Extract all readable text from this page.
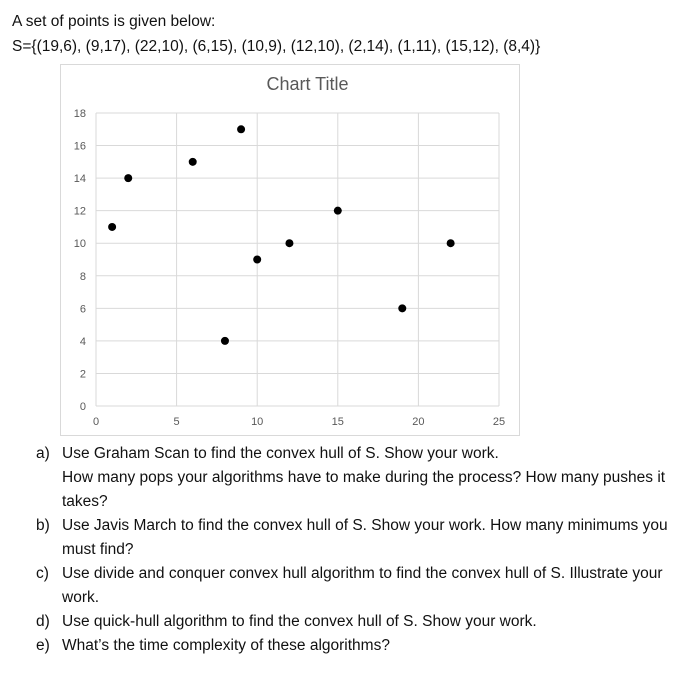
A set of points is given below:
S={(19,6), (9,17), (22,10), (6,15), (10,9), (12,10), (2,14), (1,11), (15,12), (8,4)}
Chart Title
0
2
4
6
8
10
12
14
16
18
0	5	10	15	20	25
a) Use Graham Scan to find the convex hull of S. Show your work.
How many pops your algorithms have to make during the process? How many pushes it
takes?
b) Use Javis March to find the convex hull of S. Show your work. How many minimums you
must find?
c) Use divide and conquer convex hull algorithm to find the convex hull of S. Illustrate your
work.
d) Use quick-hull algorithm to find the convex hull of S. Show your work.
e) What’s the time complexity of these algorithms?
